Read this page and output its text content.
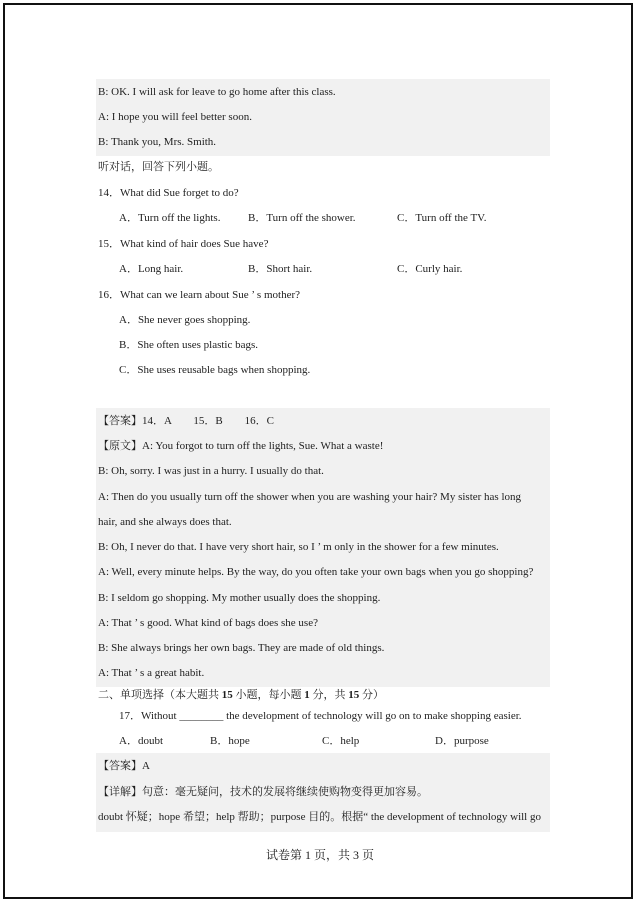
B: OK. I will ask for leave to go home after this class.
A: I hope you will feel better soon.
B: Thank you, Mrs. Smith.
听对话，回答下列小题。
14．What did Sue forget to do?
A．Turn off the lights.	B．Turn off the shower.	C．Turn off the TV.
15．What kind of hair does Sue have?
A．Long hair.	B．Short hair.	C．Curly hair.
16．What can we learn about Sue ’ s mother?
A．She never goes shopping.
B．She often uses plastic bags.
C．She uses reusable bags when shopping.
【答案】14．A　　15．B　　16．C
【原文】A: You forgot to turn off the lights, Sue. What a waste!
B: Oh, sorry. I was just in a hurry. I usually do that.
A: Then do you usually turn off the shower when you are washing your hair? My sister has long
hair, and she always does that.
B: Oh, I never do that. I have very short hair, so I ’ m only in the shower for a few minutes.
A: Well, every minute helps. By the way, do you often take your own bags when you go shopping?
B: I seldom go shopping. My mother usually does the shopping.
A: That ’ s good. What kind of bags does she use?
B: She always brings her own bags. They are made of old things.
A: That ’ s a great habit.
二、单项选择（本大题共 15 小题，每小题 1 分，共 15 分）
17．Without ________ the development of technology will go on to make shopping easier.
A．doubt	B．hope	C．help	D．purpose
【答案】A
【详解】句意：毫无疑问，技术的发展将继续使购物变得更加容易。
doubt 怀疑；hope 希望；help 帮助；purpose 目的。根据“ the development of technology will go
试卷第 1 页，共 3 页
